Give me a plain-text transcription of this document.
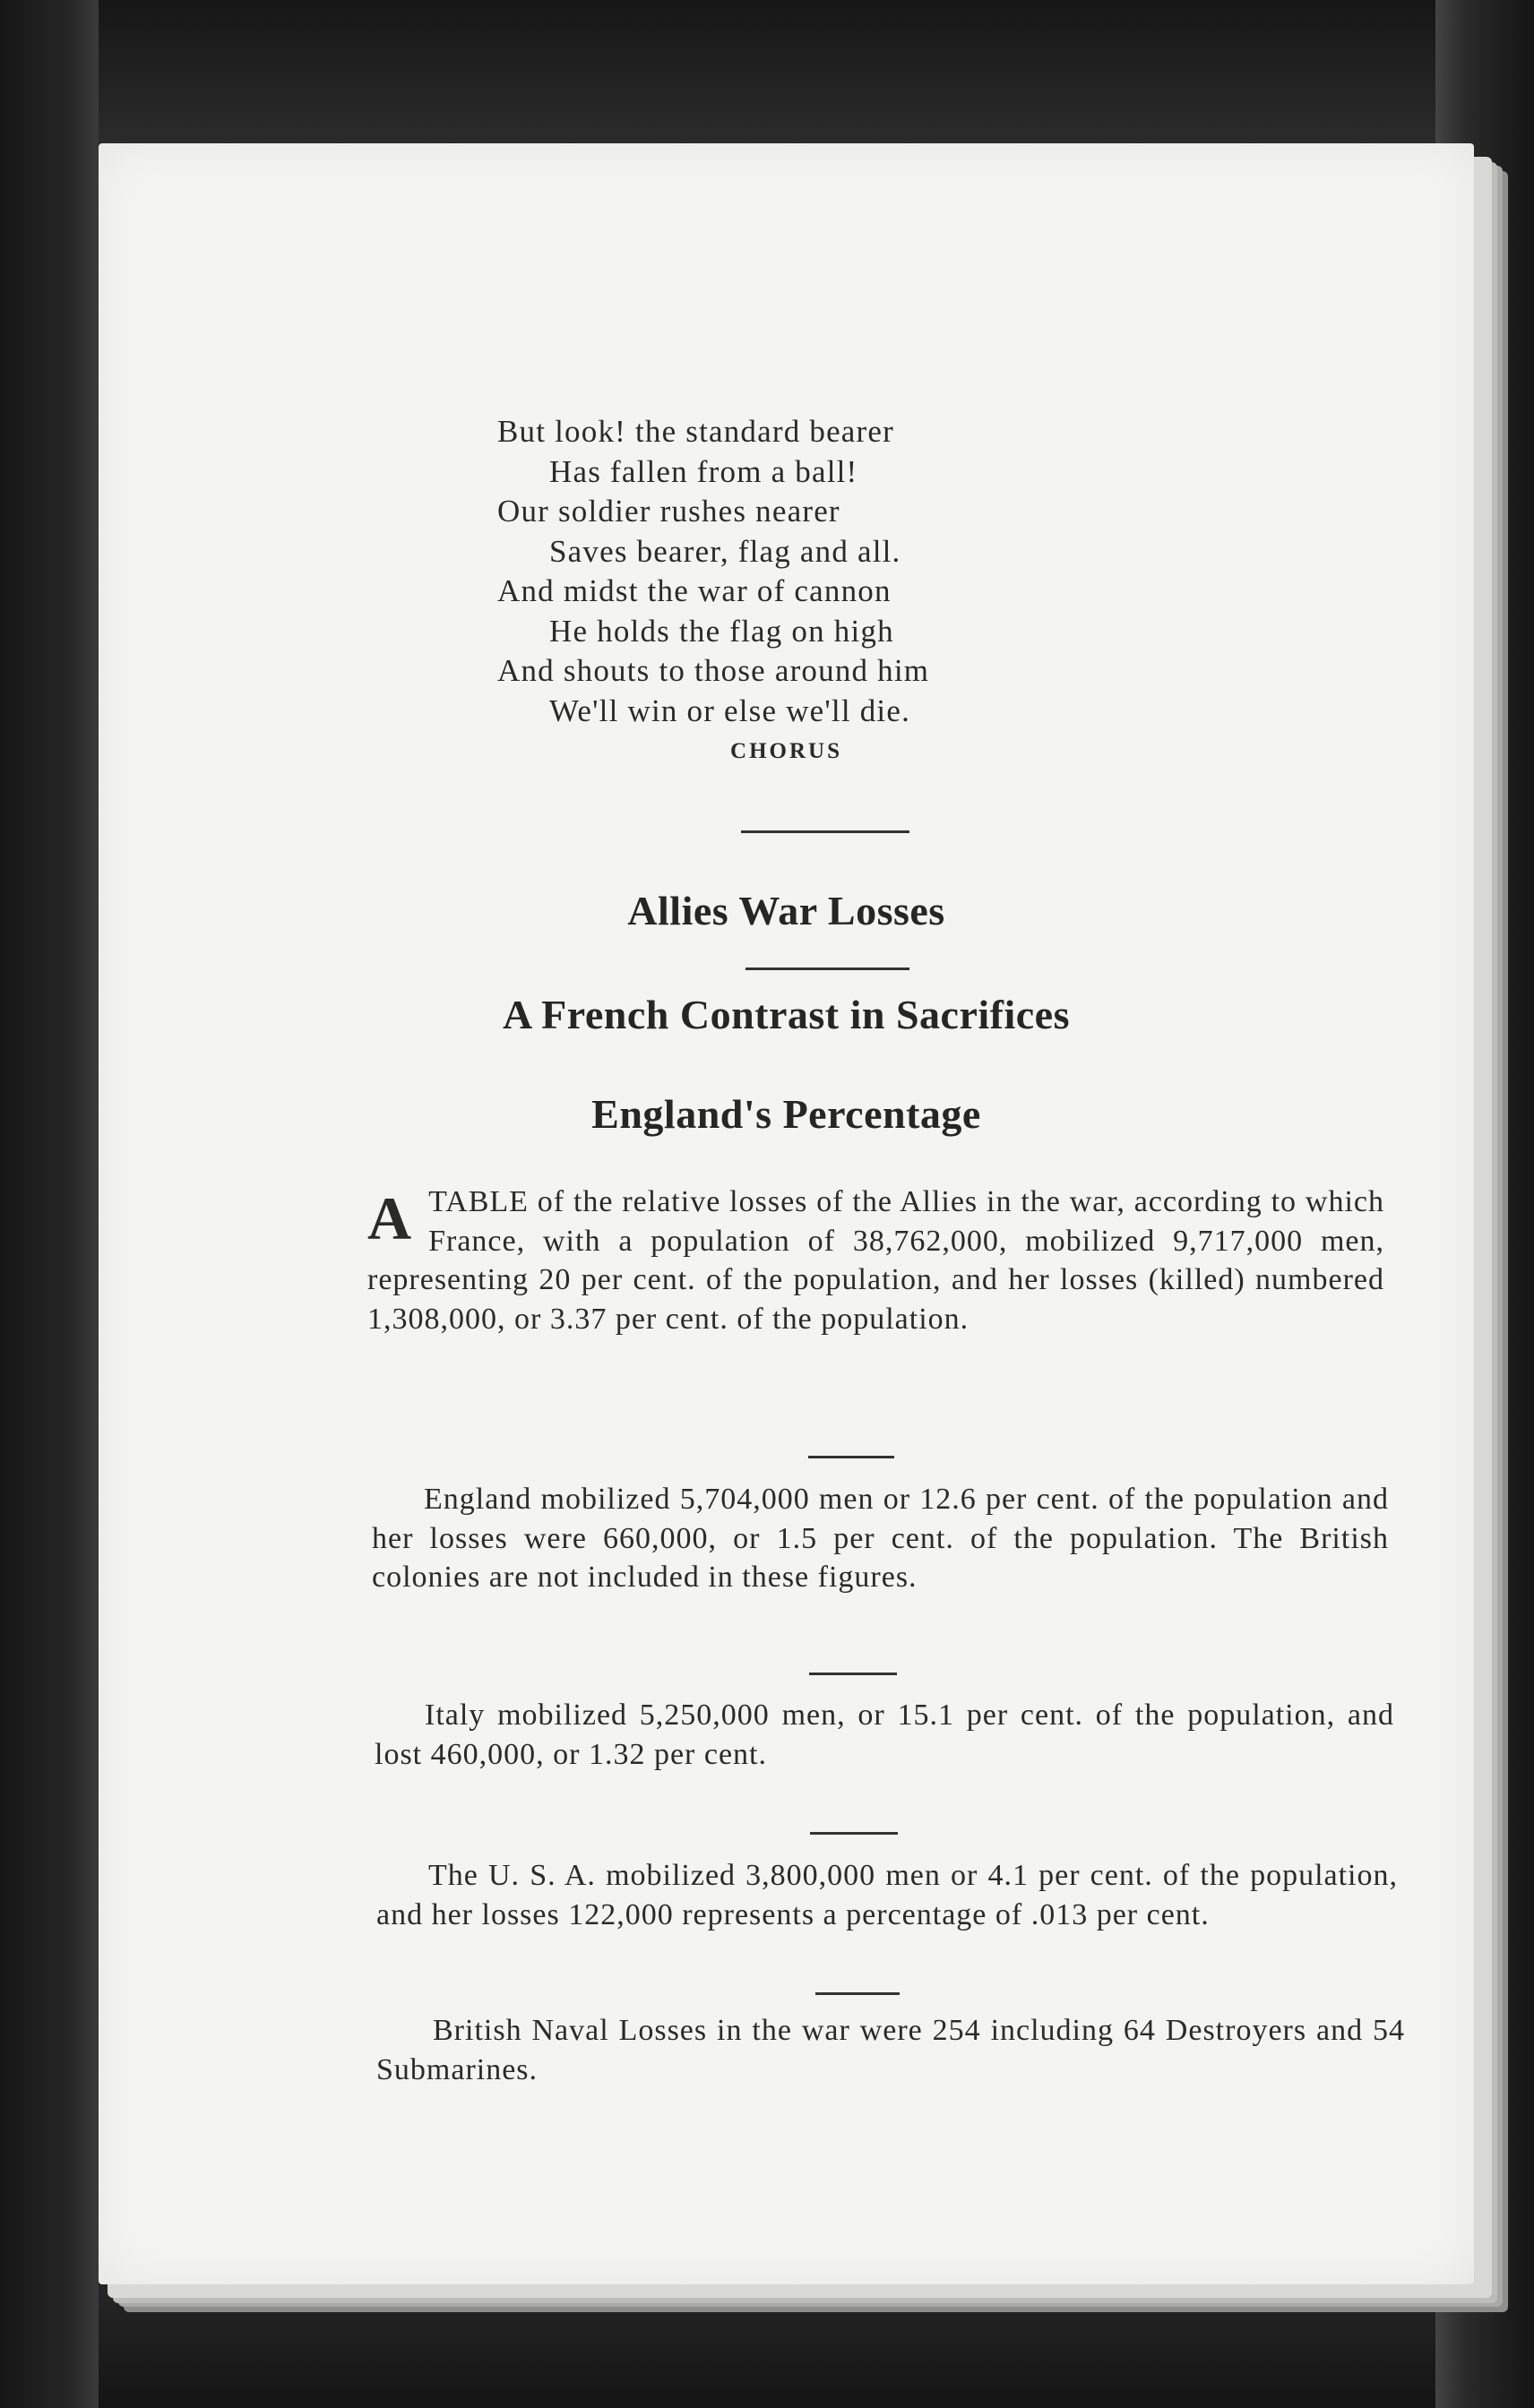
But look! the standard bearer
Has fallen from a ball!
Our soldier rushes nearer
Saves bearer, flag and all.
And midst the war of cannon
He holds the flag on high
And shouts to those around him
We'll win or else we'll die.
CHORUS
Allies War Losses
A French Contrast in Sacrifices
England's Percentage
ATABLE of the relative losses of the Allies in the war, according to which France, with a population of 38,762,000, mobilized 9,717,000 men, representing 20 per cent. of the population, and her losses (killed) numbered 1,308,000, or 3.37 per cent. of the population.
England mobilized 5,704,000 men or 12.6 per cent. of the population and her losses were 660,000, or 1.5 per cent. of the population. The British colonies are not included in these figures.
Italy mobilized 5,250,000 men, or 15.1 per cent. of the population, and lost 460,000, or 1.32 per cent.
The U. S. A. mobilized 3,800,000 men or 4.1 per cent. of the population, and her losses 122,000 represents a percentage of .013 per cent.
British Naval Losses in the war were 254 including 64 Destroyers and 54 Submarines.
